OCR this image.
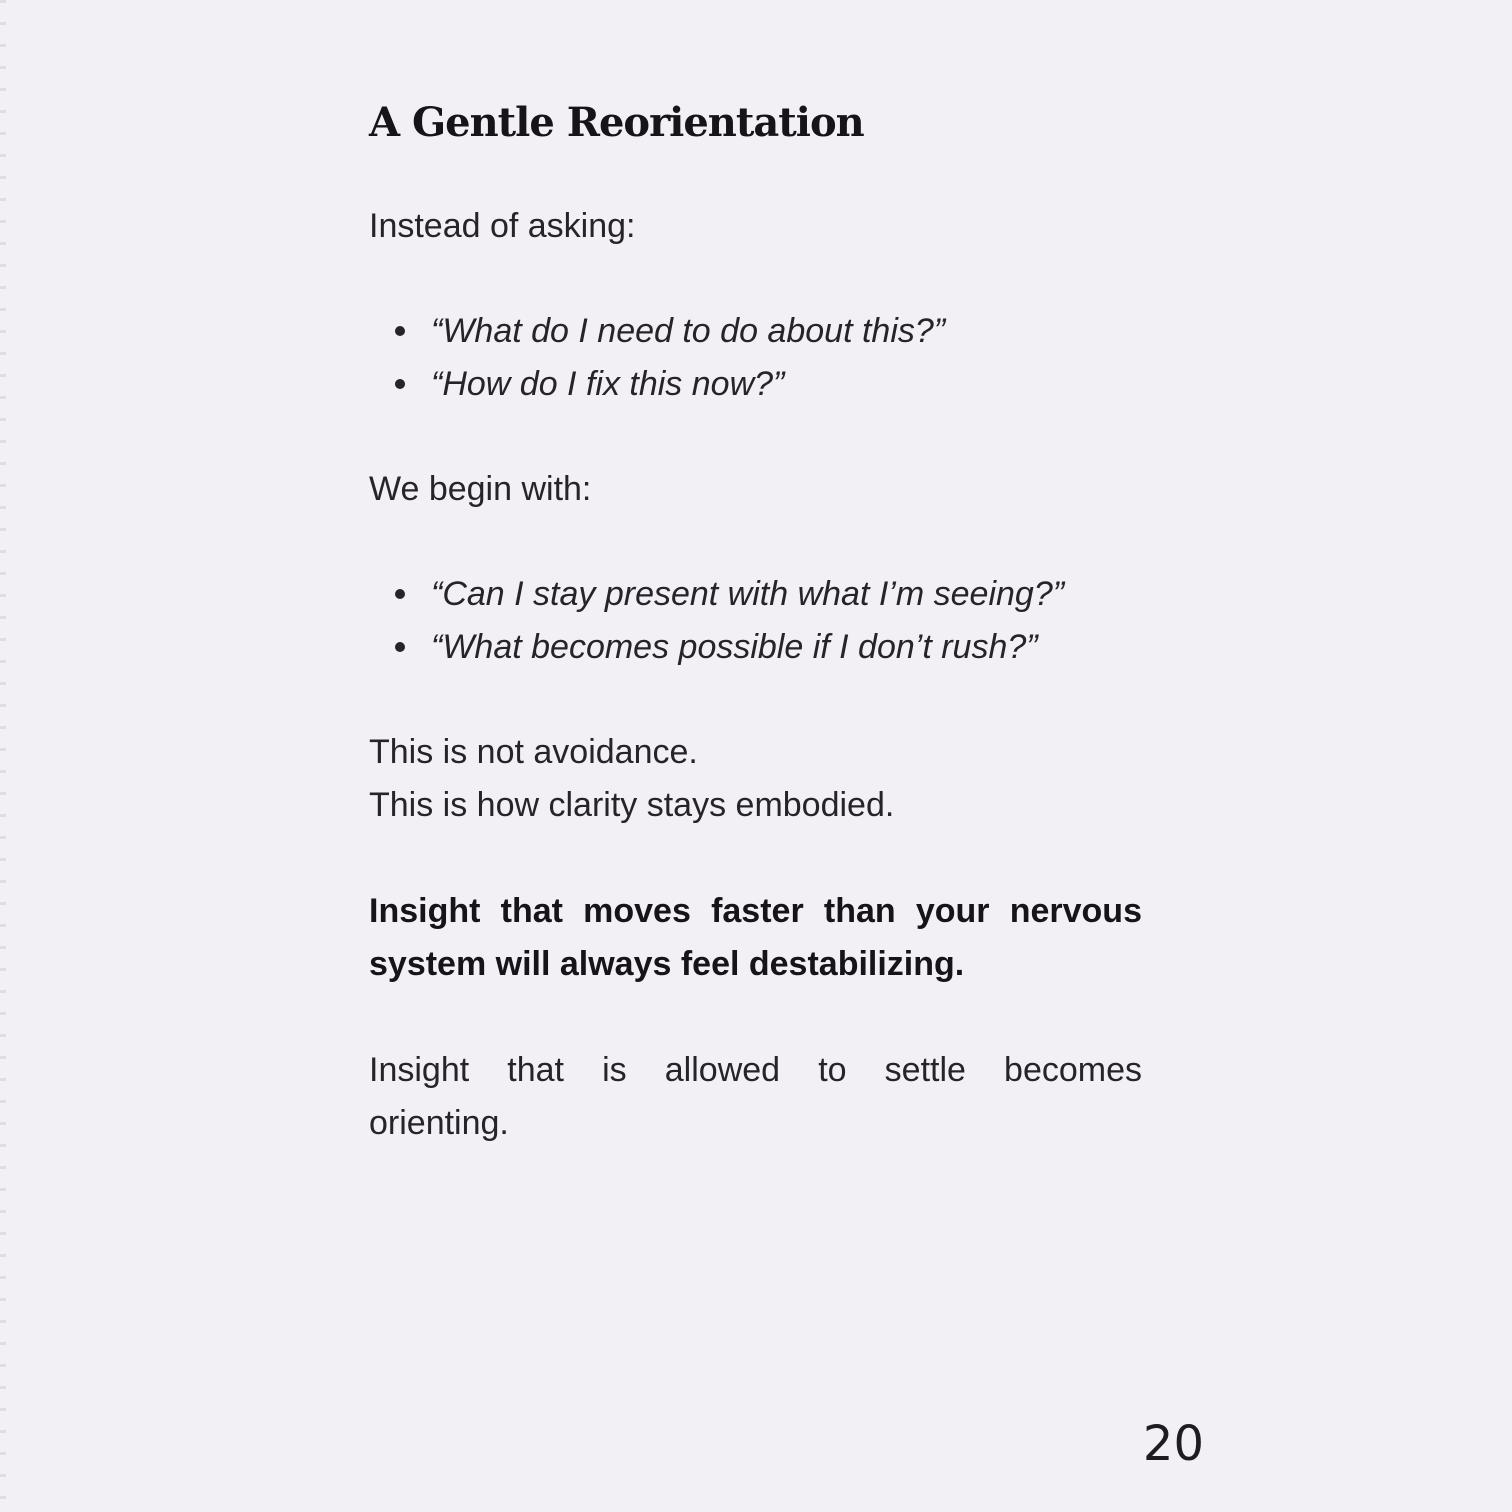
A Gentle Reorientation

Instead of asking:

“What do I need to do about this?”
“How do I fix this now?”

We begin with:

“Can I stay present with what I’m seeing?”
“What becomes possible if I don’t rush?”

This is not avoidance.

This is how clarity stays embodied.

Insight that moves faster than your nervous system will always feel destabilizing.

Insight that is allowed to settle becomes orienting.

20
